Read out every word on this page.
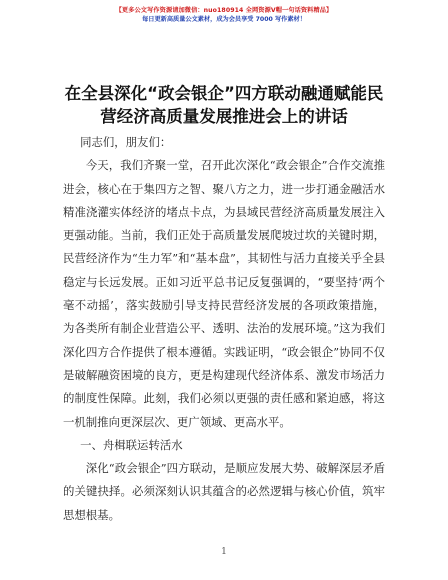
【更多公文写作资源请加微信：nuo180914 全网资源V帽一句话资料精品】
每日更新高质量公文素材，成为会员享受 7000 写作素材！
在全县深化“政会银企”四方联动融通赋能民
营经济高质量发展推进会上的讲话

同志们，朋友们：

今天，我们齐聚一堂，召开此次深化“政会银企”合作交流推进会，核心在于集四方之智、聚八方之力，进一步打通金融活水精准浇灌实体经济的堵点卡点，为县域民营经济高质量发展注入更强动能。当前，我们正处于高质量发展爬坡过坎的关键时期，民营经济作为“生力军”和“基本盘”，其韧性与活力直接关乎全县稳定与长远发展。正如习近平总书记反复强调的，“要坚持‘两个毫不动摇’，落实鼓励引导支持民营经济发展的各项政策措施，为各类所有制企业营造公平、透明、法治的发展环境。”这为我们深化四方合作提供了根本遵循。实践证明，“政会银企”协同不仅是破解融资困境的良方，更是构建现代经济体系、激发市场活力的制度性保障。此刻，我们必须以更强的责任感和紧迫感，将这一机制推向更深层次、更广领域、更高水平。

一、舟楫联运转活水

深化“政会银企”四方联动，是顺应发展大势、破解深层矛盾的关键抉择。必须深刻认识其蕴含的必然逻辑与核心价值，筑牢思想根基。

1
